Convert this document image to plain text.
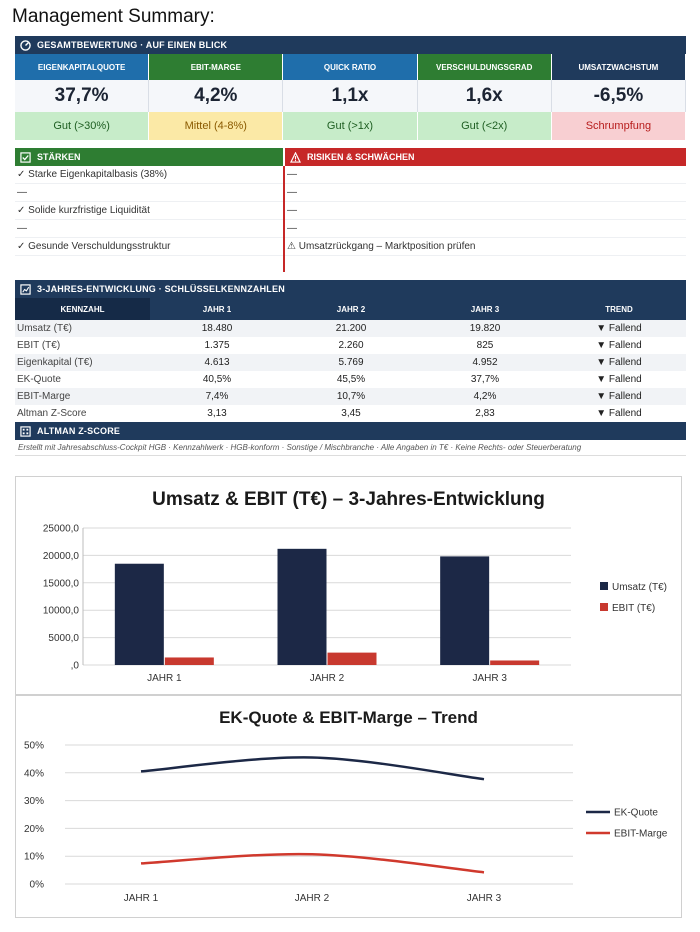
Management Summary:
GESAMTBEWERTUNG · AUF EINEN BLICK
EIGENKAPITALQUOTE	EBIT-MARGE	QUICK RATIO	VERSCHULDUNGSGRAD	UMSATZWACHSTUM
37,7%	4,2%	1,1x	1,6x	-6,5%
Gut (>30%)	Mittel (4-8%)	Gut (>1x)	Gut (<2x)	Schrumpfung
STÄRKEN
✓ Starke Eigenkapitalbasis (38%)
—
✓ Solide kurzfristige Liquidität
—
✓ Gesunde Verschuldungsstruktur
RISIKEN & SCHWÄCHEN
—
—
—
—
⚠ Umsatzrückgang – Marktposition prüfen
3-JAHRES-ENTWICKLUNG · SCHLÜSSELKENNZAHLEN
KENNZAHL	JAHR 1	JAHR 2	JAHR 3	TREND
Umsatz (T€)	18.480	21.200	19.820	▼ Fallend
EBIT (T€)	1.375	2.260	825	▼ Fallend
Eigenkapital (T€)	4.613	5.769	4.952	▼ Fallend
EK-Quote	40,5%	45,5%	37,7%	▼ Fallend
EBIT-Marge	7,4%	10,7%	4,2%	▼ Fallend
Altman Z-Score	3,13	3,45	2,83	▼ Fallend
ALTMAN Z-SCORE
Erstellt mit Jahresabschluss-Cockpit HGB · Kennzahlwerk · HGB-konform · Sonstige / Mischbranche · Alle Angaben in T€ · Keine Rechts- oder Steuerberatung
Umsatz & EBIT (T€) – 3-Jahres-Entwicklung
25000,0
20000,0
15000,0
10000,0
5000,0
,0
JAHR 1	JAHR 2	JAHR 3
Umsatz (T€)
EBIT (T€)
EK-Quote & EBIT-Marge – Trend
50%
40%
30%
20%
10%
0%
JAHR 1	JAHR 2	JAHR 3
EK-Quote
EBIT-Marge
